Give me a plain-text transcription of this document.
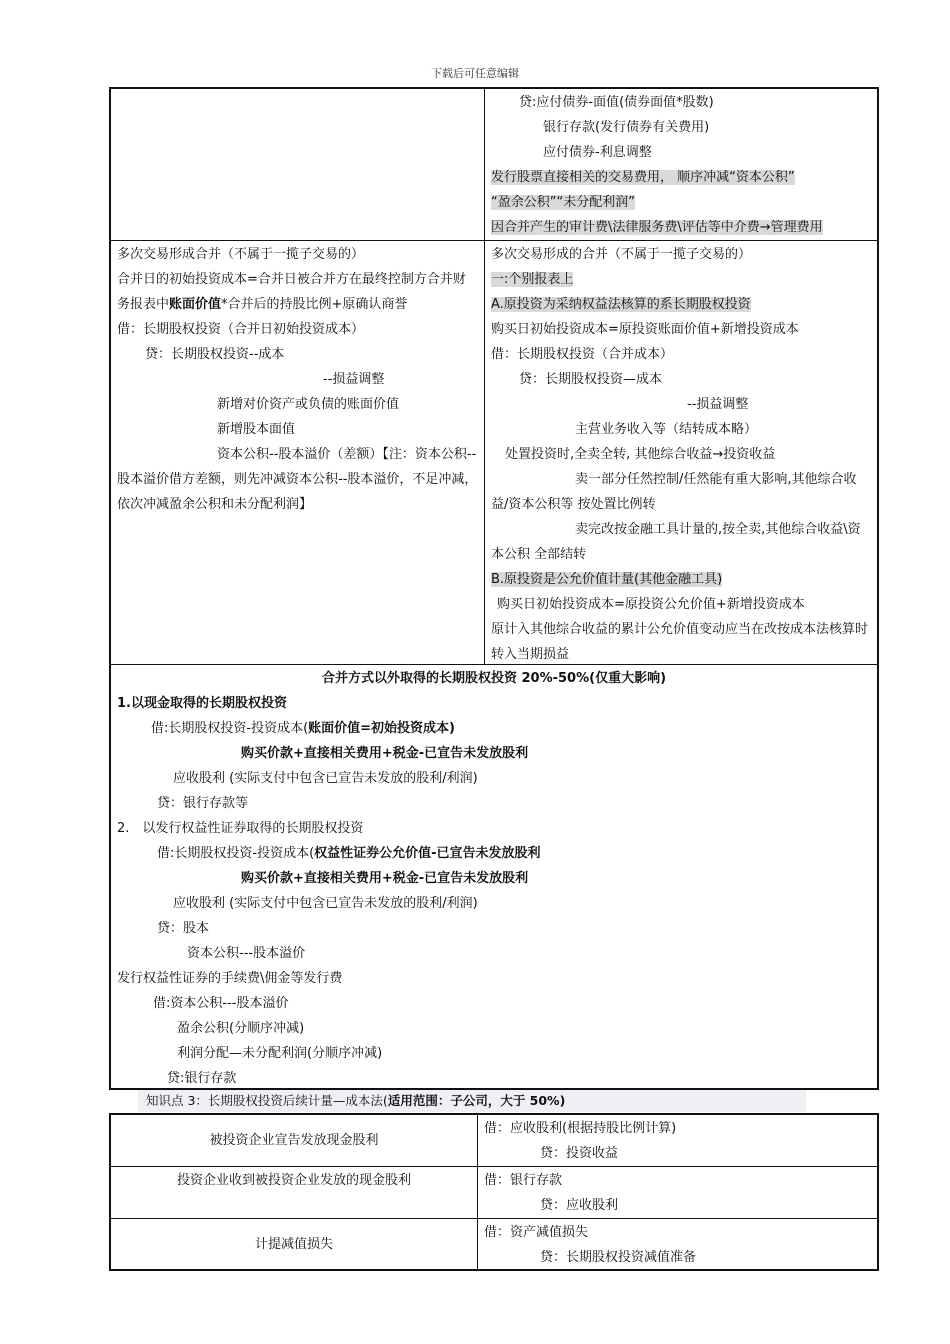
下载后可任意编辑
贷:应付债券-面值(债券面值*股数)
银行存款(发行债券有关费用)
应付债券-利息调整
发行股票直接相关的交易费用， 顺序冲减“资本公积”
“盈余公积”“未分配利润”
因合并产生的审计费\法律服务费\评估等中介费→管理费用
多次交易形成合并（不属于一揽子交易的）
合并日的初始投资成本=合并日被合并方在最终控制方合并财务报表中账面价值*合并后的持股比例+原确认商誉
借：长期股权投资（合并日初始投资成本）
贷：长期股权投资--成本
--损益调整
新增对价资产或负债的账面价值
新增股本面值
资本公积--股本溢价（差额）【注：资本公积--股本溢价借方差额，则先冲减资本公积--股本溢价，不足冲减，依次冲减盈余公积和未分配利润】
多次交易形成的合并（不属于一揽子交易的）
一:个别报表上
A.原投资为采纳权益法核算的系长期股权投资
购买日初始投资成本=原投资账面价值+新增投资成本
借：长期股权投资（合并成本）
贷：长期股权投资—成本
--损益调整
主营业务收入等（结转成本略）
处置投资时,全卖全转, 其他综合收益→投资收益
卖一部分任然控制/任然能有重大影响,其他综合收益/资本公积等 按处置比例转
卖完改按金融工具计量的,按全卖,其他综合收益\资本公积 全部结转
B.原投资是公允价值计量(其他金融工具)
购买日初始投资成本=原投资公允价值+新增投资成本
原计入其他综合收益的累计公允价值变动应当在改按成本法核算时转入当期损益
合并方式以外取得的长期股权投资 20%-50%(仅重大影响)
1.以现金取得的长期股权投资
借:长期股权投资-投资成本(账面价值=初始投资成本)
购买价款+直接相关费用+税金-已宣告未发放股利
应收股利 (实际支付中包含已宣告未发放的股利/利润)
贷：银行存款等
2.　以发行权益性证券取得的长期股权投资
借:长期股权投资-投资成本(权益性证券公允价值-已宣告未发放股利
购买价款+直接相关费用+税金-已宣告未发放股利
应收股利 (实际支付中包含已宣告未发放的股利/利润)
贷：股本
资本公积---股本溢价
发行权益性证券的手续费\佣金等发行费
借:资本公积---股本溢价
盈余公积(分顺序冲减)
利润分配—未分配利润(分顺序冲减)
贷:银行存款
知识点 3：长期股权投资后续计量—成本法(适用范围：子公司，大于 50%)
被投资企业宣告发放现金股利
借：应收股利(根据持股比例计算)
贷：投资收益
投资企业收到被投资企业发放的现金股利	借：银行存款
贷：应收股利
计提减值损失
借：资产减值损失
贷：长期股权投资减值准备
